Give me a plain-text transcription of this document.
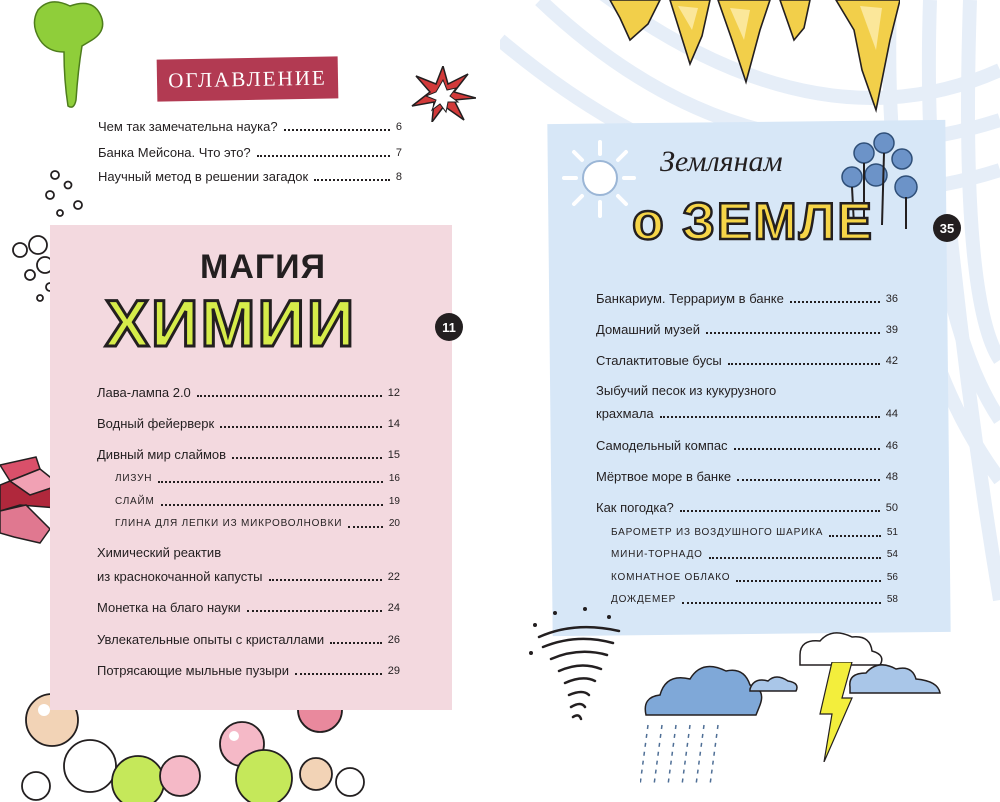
ОГЛАВЛЕНИЕ
Чем так замечательна наука?	6
Банка Мейсона. Что это?	7
Научный метод в решении загадок	8
МАГИЯ
ХИМИИ	11
Лава-лампа 2.0	12
Водный фейерверк	14
Дивный мир слаймов	15
ЛИЗУН	16
СЛАЙМ	19
ГЛИНА ДЛЯ ЛЕПКИ ИЗ МИКРОВОЛНОВКИ	20
Химический реактив
из краснокочанной капусты	22
Монетка на благо науки	24
Увлекательные опыты с кристаллами	26
Потрясающие мыльные пузыри	29
Землянам
о ЗЕМЛЕ	35
Банкариум. Террариум в банке	36
Домашний музей	39
Сталактитовые бусы	42
Зыбучий песок из кукурузного
крахмала	44
Самодельный компас	46
Мёртвое море в банке	48
Как погодка?	50
БАРОМЕТР ИЗ ВОЗДУШНОГО ШАРИКА	51
МИНИ-ТОРНАДО	54
КОМНАТНОЕ ОБЛАКО	56
ДОЖДЕМЕР	58
